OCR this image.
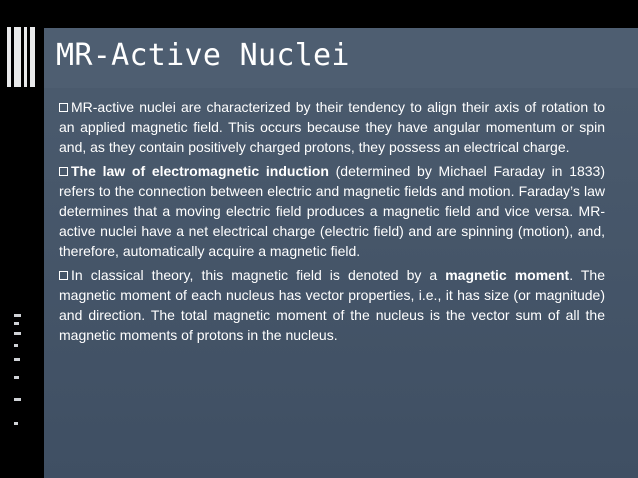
MR-Active Nuclei

MR-active nuclei are characterized by their tendency to align their axis of rotation to an applied magnetic field. This occurs because they have angular momentum or spin and, as they contain positively charged protons, they possess an electrical charge.

The law of electromagnetic induction (determined by Michael Faraday in 1833) refers to the connection between electric and magnetic fields and motion. Faraday’s law determines that a moving electric field produces a magnetic field and vice versa. MR-active nuclei have a net electrical charge (electric field) and are spinning (motion), and, therefore, automatically acquire a magnetic field.

In classical theory, this magnetic field is denoted by a magnetic moment. The magnetic moment of each nucleus has vector properties, i.e., it has size (or magnitude) and direction. The total magnetic moment of the nucleus is the vector sum of all the magnetic moments of protons in the nucleus.
